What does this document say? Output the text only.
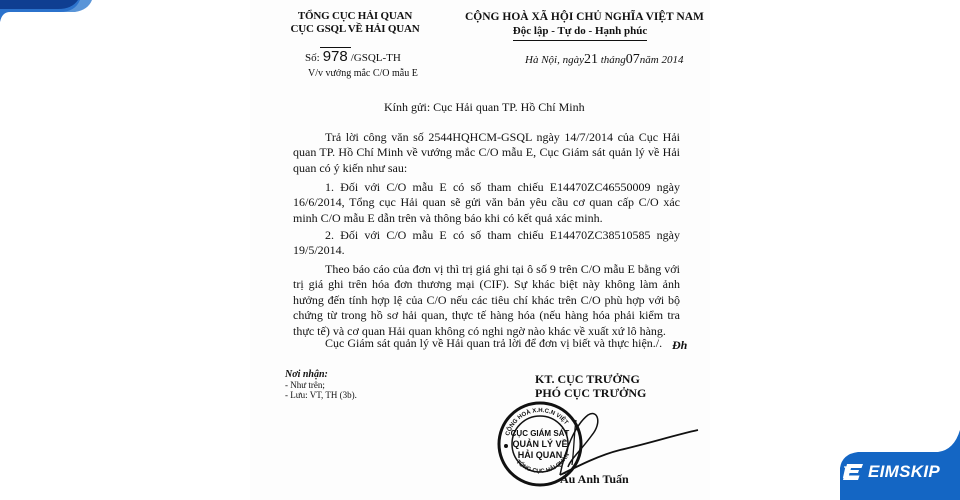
TỔNG CỤC HẢI QUAN
CỤC GSQL VỀ HẢI QUAN
Số: 978 /GSQL-TH
V/v vướng mắc C/O mẫu E
CỘNG HOÀ XÃ HỘI CHỦ NGHĨA VIỆT NAM
Độc lập - Tự do - Hạnh phúc
Hà Nội, ngày21 tháng07năm 2014
Kính gửi: Cục Hải quan TP. Hồ Chí Minh
Trả lời công văn số 2544HQHCM-GSQL ngày 14/7/2014 của Cục Hải quan TP. Hồ Chí Minh về vướng mắc C/O mẫu E, Cục Giám sát quản lý về Hải quan có ý kiến như sau:
1. Đối với C/O mẫu E có số tham chiếu E14470ZC46550009 ngày 16/6/2014, Tổng cục Hải quan sẽ gửi văn bản yêu cầu cơ quan cấp C/O xác minh C/O mẫu E dẫn trên và thông báo khi có kết quả xác minh.
2. Đối với C/O mẫu E có số tham chiếu E14470ZC38510585 ngày 19/5/2014.
Theo báo cáo của đơn vị thì trị giá ghi tại ô số 9 trên C/O mẫu E bằng với trị giá ghi trên hóa đơn thương mại (CIF). Sự khác biệt này không làm ảnh hưởng đến tính hợp lệ của C/O nếu các tiêu chí khác trên C/O phù hợp với bộ chứng từ trong hồ sơ hải quan, thực tế hàng hóa (nếu hàng hóa phải kiểm tra thực tế) và cơ quan Hải quan không có nghi ngờ nào khác về xuất xứ lô hàng.
Cục Giám sát quản lý về Hải quan trả lời để đơn vị biết và thực hiện./. Đh
Nơi nhận:
- Như trên;
- Lưu: VT, TH (3b).
KT. CỤC TRƯỞNG
PHÓ CỤC TRƯỞNG
CỤC GIÁM SÁT
QUẢN LÝ VỀ
HẢI QUAN
CỘNG HOÀ X.H.C.N VIỆT
TỔNG CỤC HẢI QUAN
Âu Anh Tuấn	EIMSKIP
